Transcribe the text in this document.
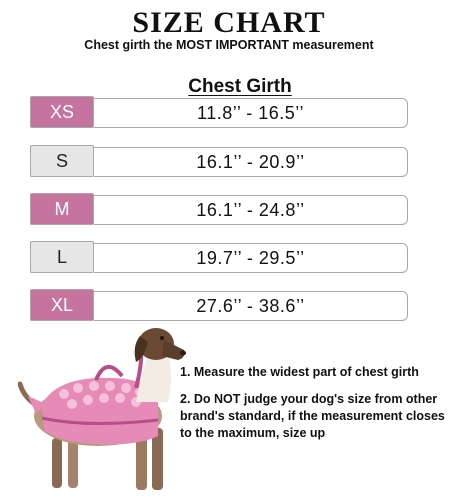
SIZE CHART
Chest girth the MOST IMPORTANT measurement
Chest Girth
XS	11.8’’ - 16.5’’
S	16.1’’ - 20.9’’
M	16.1’’ - 24.8’’
L	19.7’’ - 29.5’’
XL	27.6’’ - 38.6’’
1. Measure the widest part of chest girth
2. Do NOT judge your dog's size from other brand's standard, if the measurement closes to the maximum, size up
